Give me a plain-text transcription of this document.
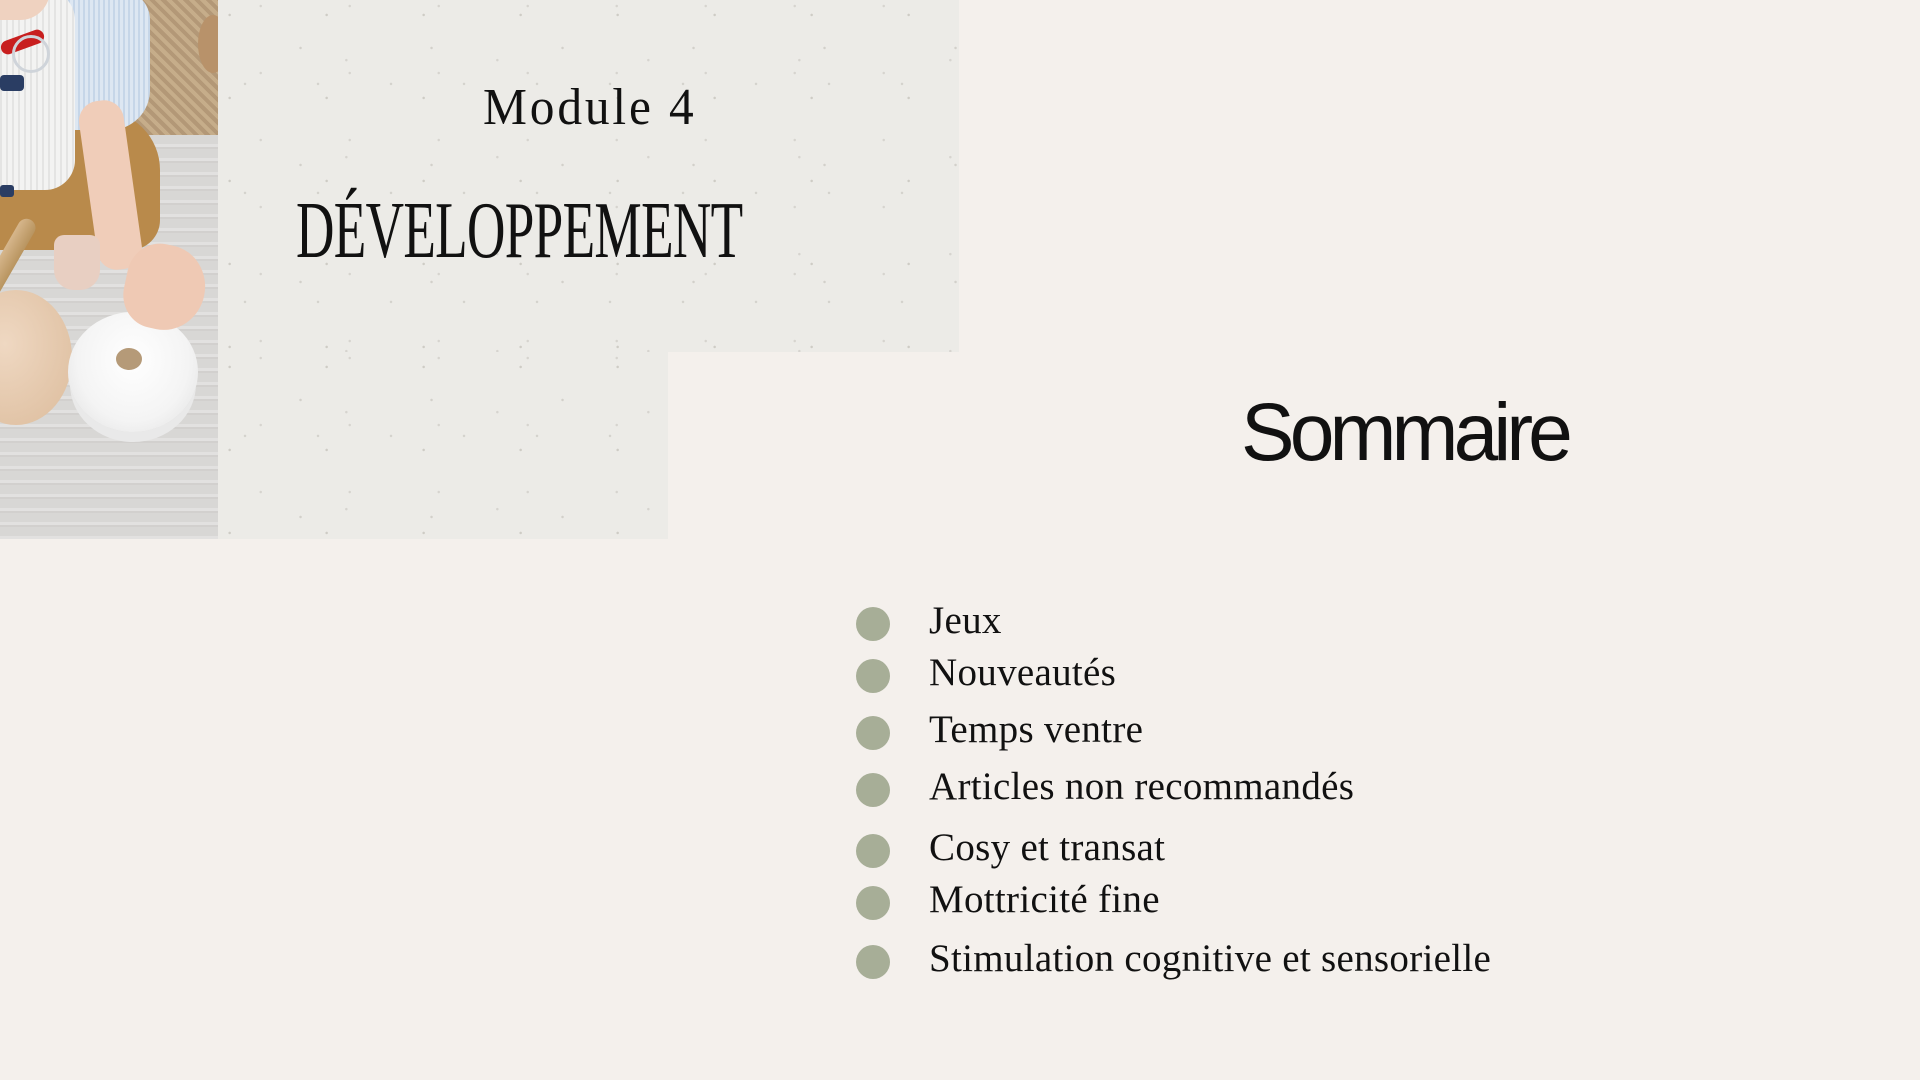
Module 4
DÉVELOPPEMENT
Sommaire
Jeux
Nouveautés
Temps ventre
Articles non recommandés
Cosy et transat
Mottricité fine
Stimulation cognitive et sensorielle
